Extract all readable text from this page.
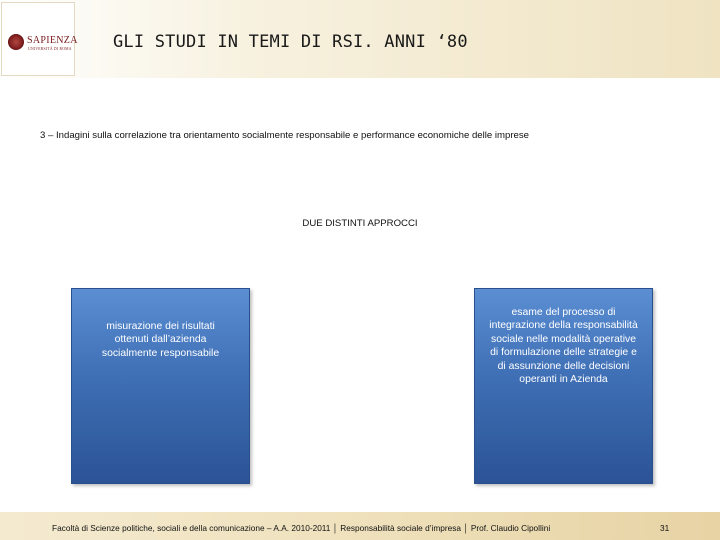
SAPIENZA
UNIVERSITÀ DI ROMA GLI STUDI IN TEMI DI RSI. ANNI ‘80
3 – Indagini sulla correlazione tra orientamento socialmente responsabile e performance economiche delle imprese
DUE DISTINTI APPROCCI
misurazione dei risultati ottenuti dall’azienda socialmente responsabile
esame del processo di integrazione della responsabilità sociale nelle modalità operative di formulazione delle strategie e di assunzione delle decisioni operanti in Azienda
Facoltà di Scienze politiche, sociali e della comunicazione – A.A. 2010-2011 │ Responsabilità sociale d’impresa │ Prof. Claudio Cipollini	31
